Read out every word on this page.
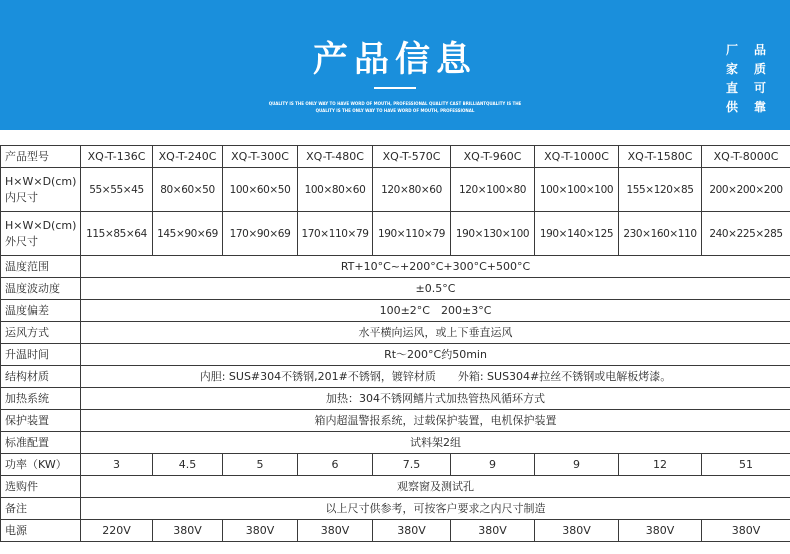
产品信息
QUALITY IS THE ONLY WAY TO HAVE WORD OF MOUTH, PROFESSIONAL QUALITY CAST BRILLIANTQUALITY IS THE
QUALITY IS THE ONLY WAY TO HAVE WORD OF MOUTH, PROFESSIONAL
厂
家
直
供
品
质
可
靠
产品型号	XQ-T-136C	XQ-T-240C	XQ-T-300C	XQ-T-480C	XQ-T-570C	XQ-T-960C	XQ-T-1000C	XQ-T-1580C	XQ-T-8000C

H×W×D(cm)
内尺寸	55×55×45	80×60×50	100×60×50	100×80×60	120×80×60	120×100×80	100×100×100	155×120×85	200×200×200

H×W×D(cm)
外尺寸	115×85×64	145×90×69	170×90×69	170×110×79	190×110×79	190×130×100	190×140×125	230×160×110	240×225×285
温度范围	RT+10°C~+200°C+300°C+500°C								
温度波动度	±0.5°C								
温度偏差	100±2°C　200±3°C								
运风方式	水平横向运风，或上下垂直运风								
升温时间	Rt～200°C约50min								
结构材质	内胆: SUS#304不锈钢,201#不锈钢，镀锌材质　　外箱: SUS304#拉丝不锈钢或电解板烤漆。								
加热系统	加热：304不锈网鳍片式加热管热风循环方式								
保护装置	箱内超温警报系统，过载保护装置，电机保护装置								
标准配置	试料架2组								
功率（KW）	3	4.5	5	6	7.5	9	9	12	51
选购件	观察窗及测试孔								
备注	以上尺寸供参考，可按客户要求之内尺寸制造								
电源	220V	380V	380V	380V	380V	380V	380V	380V	380V
